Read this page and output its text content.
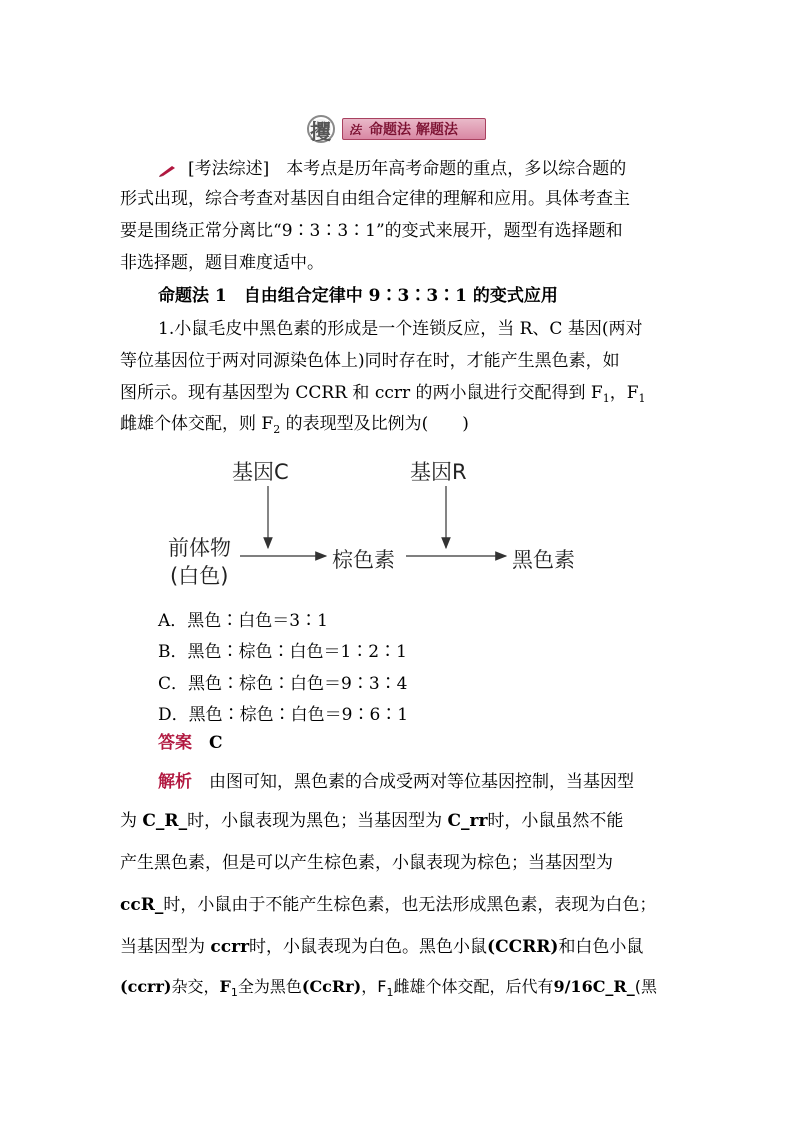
攫 法 命题法 解题法
[考法综述]　 本考点是历年高考命题的重点，多以综合题的
形式出现，综合考查对基因自由组合定律的理解和应用。具体考查主
要是围绕正常分离比“9∶3∶3∶1”的变式来展开，题型有选择题和
非选择题，题目难度适中。
命题法 1　自由组合定律中 9∶3∶3∶1 的变式应用
1.小鼠毛皮中黑色素的形成是一个连锁反应，当 R、C 基因(两对
等位基因位于两对同源染色体上)同时存在时，才能产生黑色素，如
图所示。现有基因型为 CCRR 和 ccrr 的两小鼠进行交配得到 $F_1$，$F_1$
雌雄个体交配，则 $F_2$ 的表现型及比例为(　　)
基因C	基因R
前体物
(白色)
棕色素	黑色素
A．黑色∶白色＝3∶1
B．黑色∶棕色∶白色＝1∶2∶1
C．黑色∶棕色∶白色＝9∶3∶4
D．黑色∶棕色∶白色＝9∶6∶1
答案　 C
解析　 由图可知，黑色素的合成受两对等位基因控制，当基因型
为 C_R_时，小鼠表现为黑色；当基因型为 C_rr时，小鼠虽然不能
产生黑色素，但是可以产生棕色素，小鼠表现为棕色；当基因型为
ccR_时，小鼠由于不能产生棕色素，也无法形成黑色素，表现为白色；
当基因型为 ccrr时，小鼠表现为白色。黑色小鼠(CCRR)和白色小鼠
(ccrr)杂交，$F_1$全为黑色(CcRr)，$F_1$雌雄个体交配，后代有9/16C_R_(黑
